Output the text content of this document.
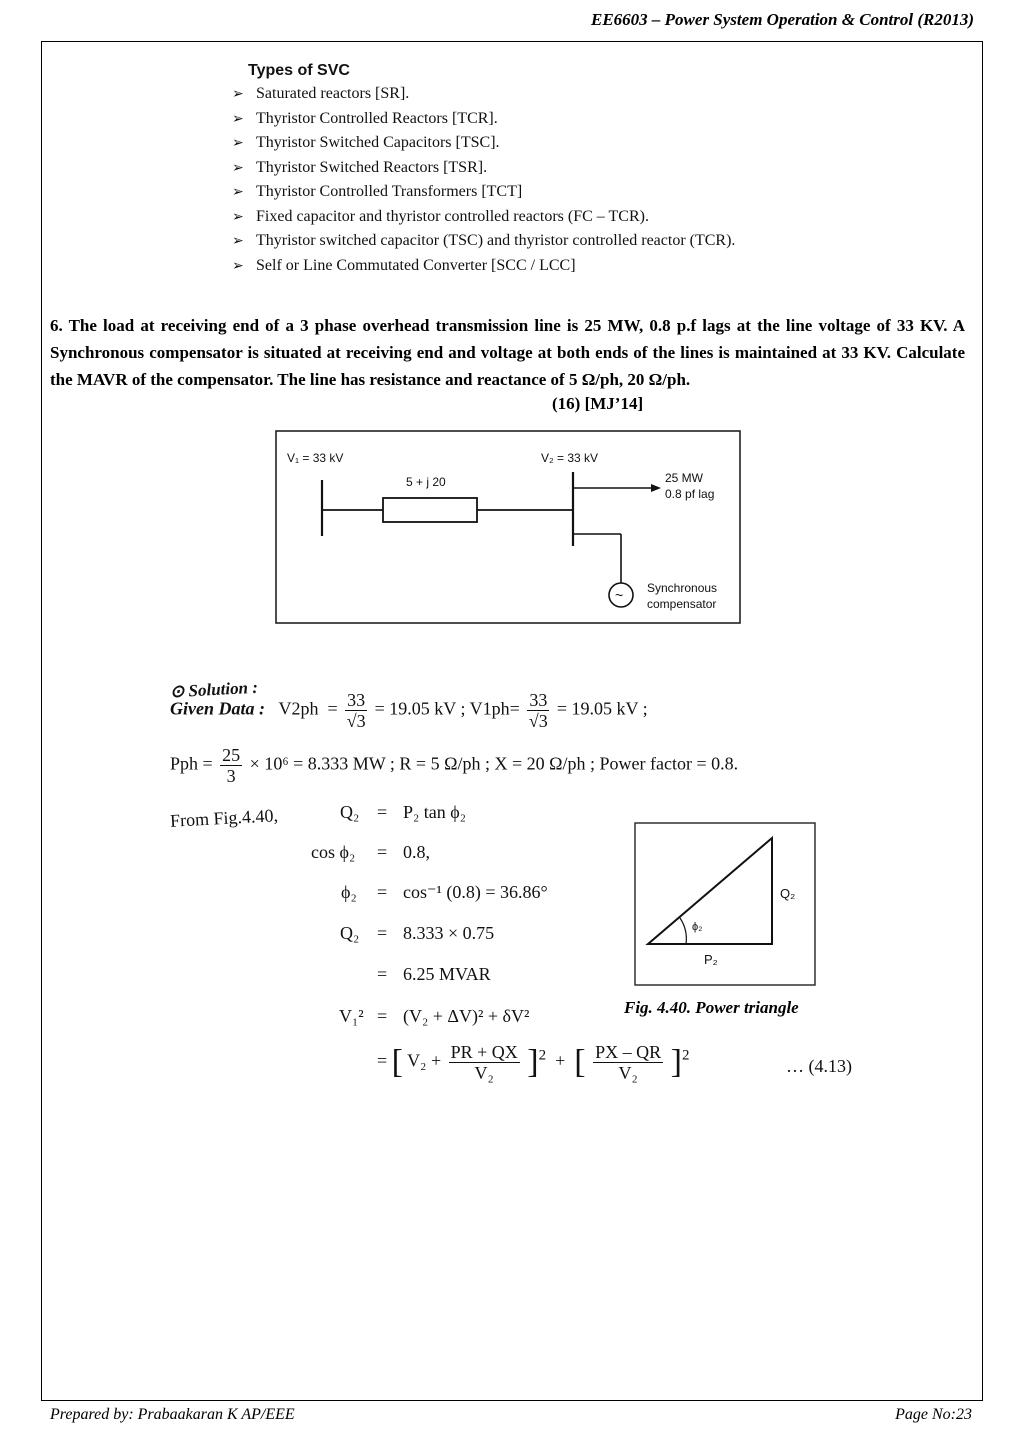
EE6603 – Power System Operation & Control (R2013)
Types of SVC
➢ Saturated reactors [SR].
➢ Thyristor Controlled Reactors [TCR].
➢ Thyristor Switched Capacitors [TSC].
➢ Thyristor Switched Reactors [TSR].
➢ Thyristor Controlled Transformers [TCT]
➢ Fixed capacitor and thyristor controlled reactors (FC – TCR).
➢ Thyristor switched capacitor (TSC) and thyristor controlled reactor (TCR).
➢ Self or Line Commutated Converter [SCC / LCC]
6. The load at receiving end of a 3 phase overhead transmission line is 25 MW, 0.8 p.f lags at the line voltage of 33 KV. A Synchronous compensator is situated at receiving end and voltage at both ends of the lines is maintained at 33 KV. Calculate the MAVR of the compensator. The line has resistance and reactance of 5 Ω/ph, 20 Ω/ph.
(16) [MJ’14]
V₁ = 33 kV	V₂ = 33 kV
5 + j 20	25 MW
0.8 pf lag
Synchronous
compensator
~
⊙ Solution :
Given Data : $V2ph = \frac{33}{√3} = 19.05$ kV ; $V1ph= \frac{33}{√3} = 19.05$ kV ;
Pph = $\frac{25}{3} \times 10^6 = 8.333$ MW ; R = 5 Ω/ph ; X = 20 Ω/ph ; Power factor = 0.8.
From Fig.4.40,	Q₂ = P₂ tan ϕ₂
cos ϕ₂ = 0.8,
ϕ₂ = cos⁻¹ (0.8) = 36.86°
Q₂ = 8.333 × 0.75
= 6.25 MVAR
V₁² = (V₂ + ΔV)² + δV²
= [ $V_2 + \frac{PR + QX}{\text{V₂}} ]^2$  +  [ $\frac{PX - QR}{\text{V₂}} ]^2$
… (4.13)
ϕ₂
Q₂
P₂
Fig. 4.40. Power triangle
Prepared by: Prabaakaran K AP/EEE	Page No:23
